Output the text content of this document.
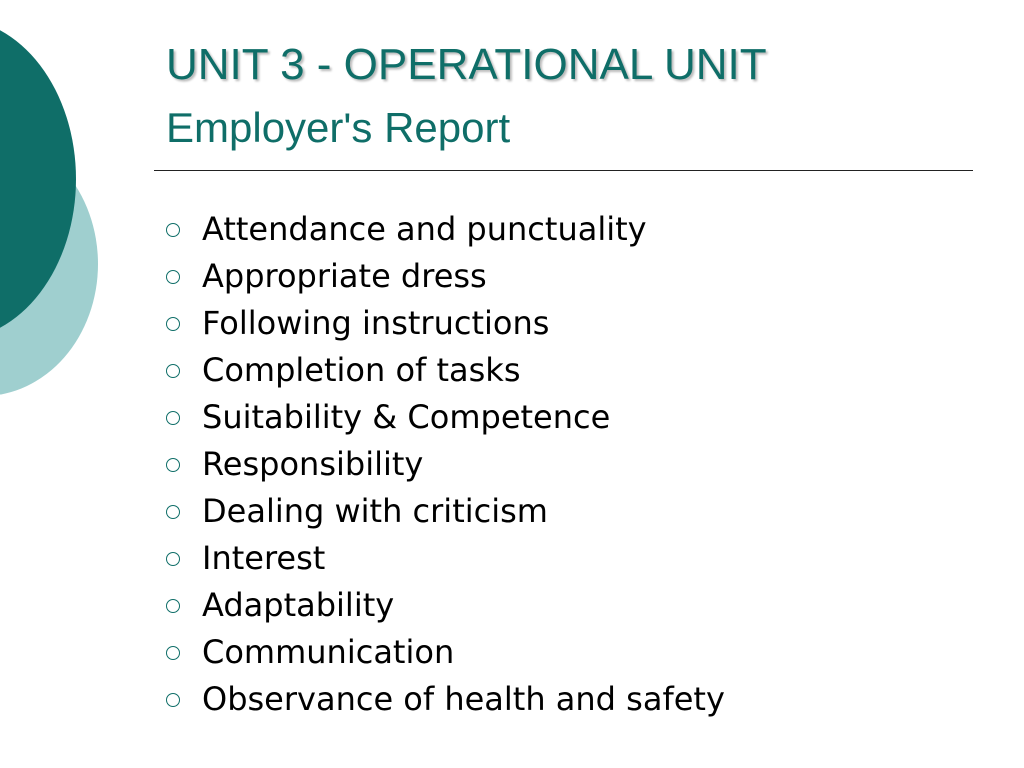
UNIT 3 - OPERATIONAL UNIT
Employer's Report
Attendance and punctuality
Appropriate dress
Following instructions
Completion of tasks
Suitability & Competence
Responsibility
Dealing with criticism
Interest
Adaptability
Communication
Observance of health and safety
